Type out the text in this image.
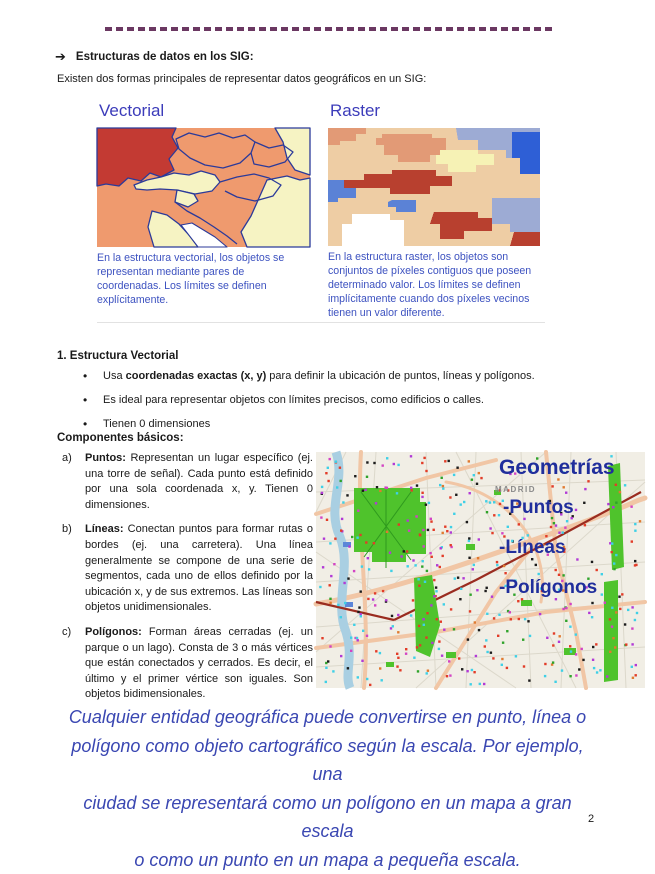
➔ Estructuras de datos en los SIG:
Existen dos formas principales de representar datos geográficos en un SIG:
Vectorial
En la estructura vectorial, los objetos se representan mediante pares de coordenadas. Los límites se definen explícitamente.
Raster
En la estructura raster, los objetos son conjuntos de píxeles contiguos que poseen determinado valor. Los límites se definen implícitamente cuando dos píxeles vecinos tienen un valor diferente.
1. Estructura Vectorial
• Usa coordenadas exactas (x, y) para definir la ubicación de puntos, líneas y polígonos.
• Es ideal para representar objetos con límites precisos, como edificios o calles.
• Tienen 0 dimensiones
Componentes básicos:
a)	Puntos: Representan un lugar específico (ej. una torre de señal). Cada punto está definido por una sola coordenada x, y. Tienen 0 dimensiones.
b)	Líneas: Conectan puntos para formar rutas o bordes (ej. una carretera). Una línea generalmente se compone de una serie de segmentos, cada uno de ellos definido por la ubicación x, y de sus extremos. Las líneas son objetos unidimensionales.
c)	Polígonos: Forman áreas cerradas (ej. un parque o un lago). Consta de 3 o más vértices que están conectados y cerrados. Es decir, el último y el primer vértice son iguales. Son objetos bidimensionales.
Geometrías
MADRID
-Puntos
-Líneas
-Polígonos
Cualquier entidad geográfica puede convertirse en punto, línea o
polígono como objeto cartográfico según la escala. Por ejemplo, una
ciudad se representará como un polígono en un mapa a gran escala
o como un punto en un mapa a pequeña escala.
2
